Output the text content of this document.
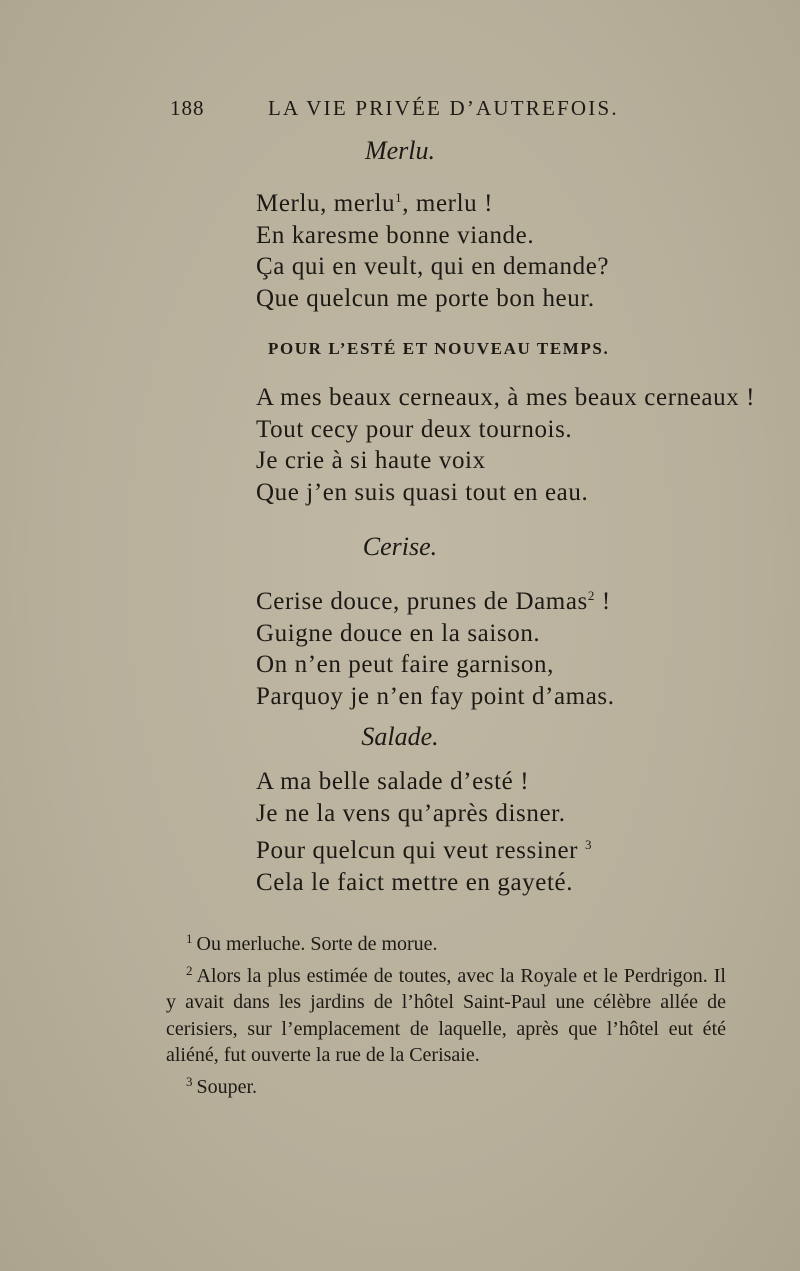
188	LA VIE PRIVÉE D’AUTREFOIS.
Merlu.
Merlu, merlu$^1$, merlu !
En karesme bonne viande.
Ça qui en veult, qui en demande?
Que quelcun me porte bon heur.
POUR L’ESTÉ ET NOUVEAU TEMPS.
A mes beaux cerneaux, à mes beaux cerneaux !
Tout cecy pour deux tournois.
Je crie à si haute voix
Que j’en suis quasi tout en eau.
Cerise.
Cerise douce, prunes de Damas$^2$ !
Guigne douce en la saison.
On n’en peut faire garnison,
Parquoy je n’en fay point d’amas.
Salade.
A ma belle salade d’esté !
Je ne la vens qu’après disner.
Pour quelcun qui veut ressiner $^3$
Cela le faict mettre en gayeté.
$^1$ Ou merluche. Sorte de morue.
$^2$ Alors la plus estimée de toutes, avec la Royale et le Perdrigon. Il y avait dans les jardins de l’hôtel Saint-Paul une célèbre allée de cerisiers, sur l’emplacement de laquelle, après que l’hôtel eut été aliéné, fut ouverte la rue de la Cerisaie.
$^3$ Souper.
